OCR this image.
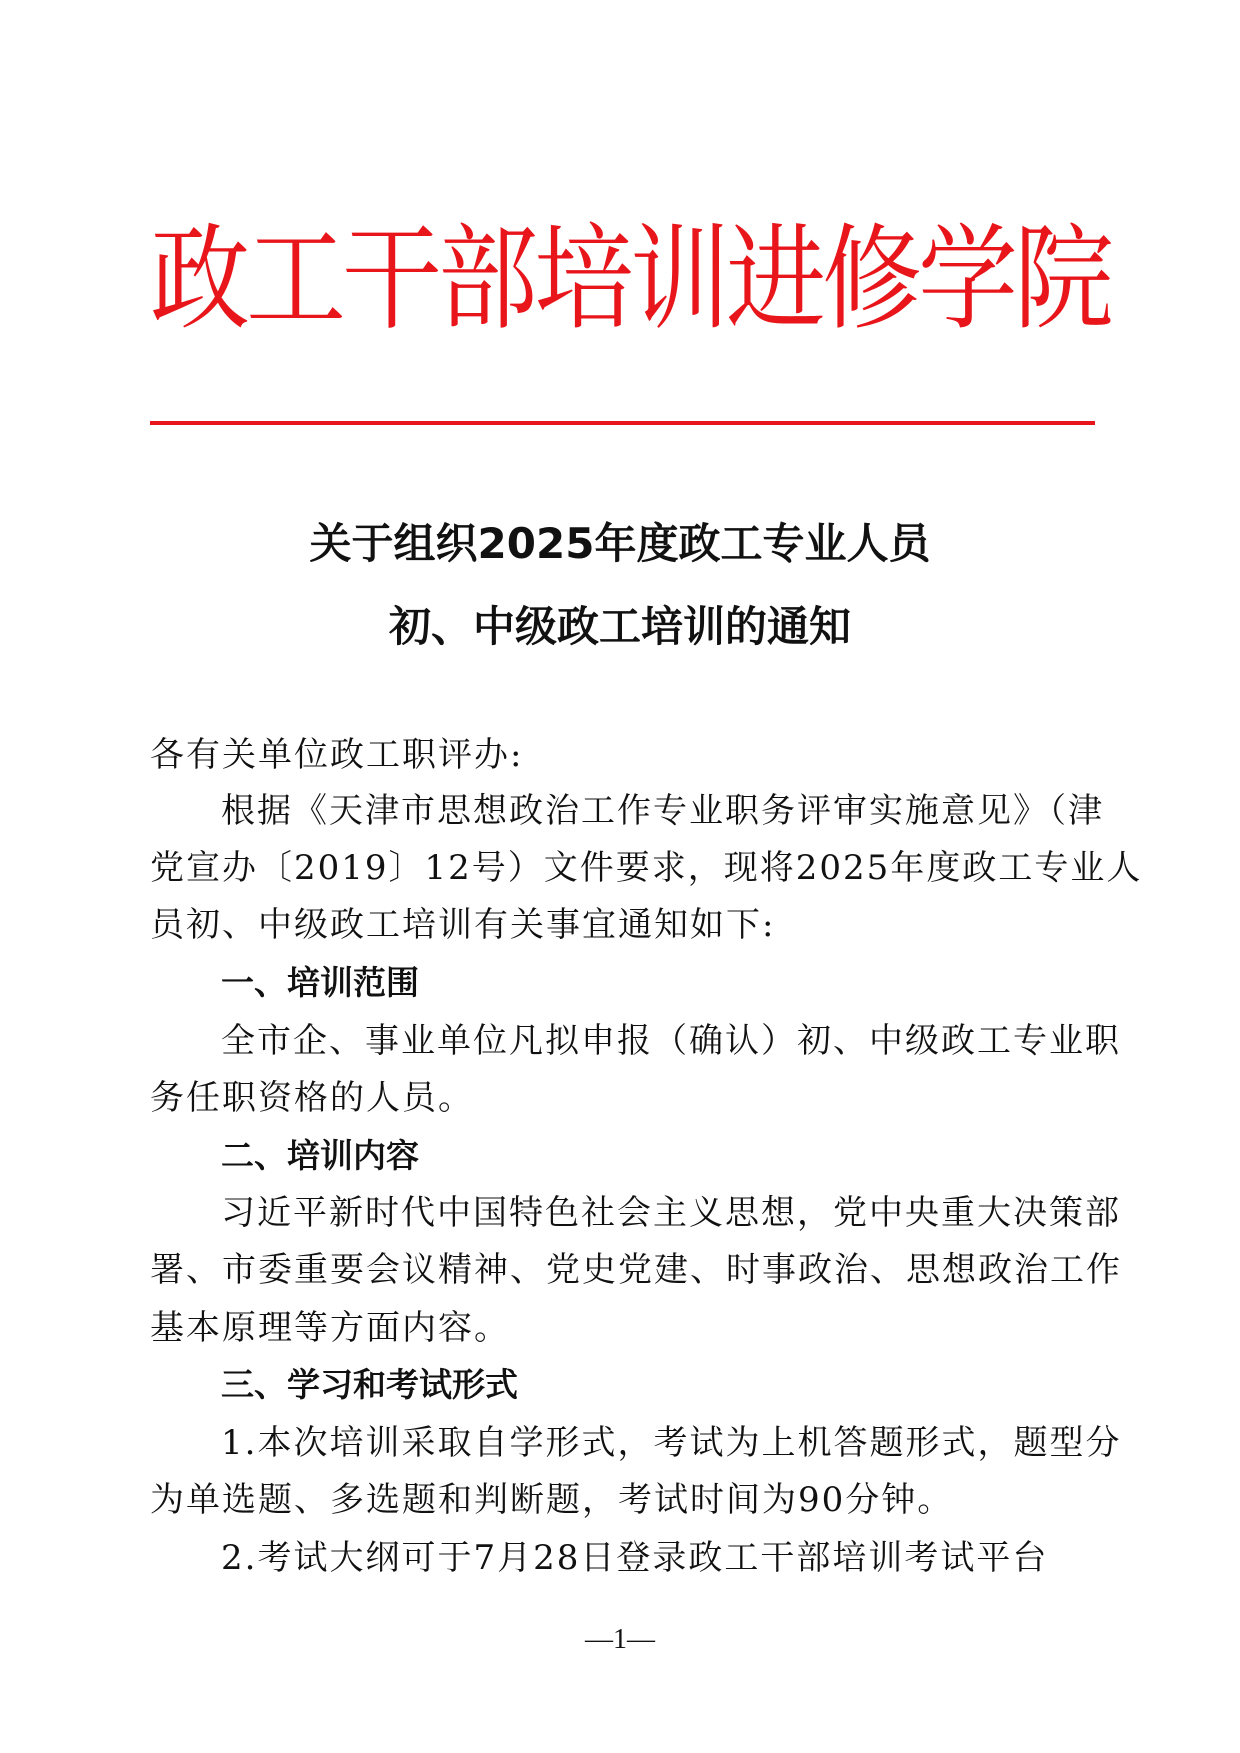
政工干部培训进修学院
关于组织2025年度政工专业人员
初、中级政工培训的通知
各有关单位政工职评办:
根据《天津市思想政治工作专业职务评审实施意见》（津
党宣办〔2019〕12号）文件要求，现将2025年度政工专业人
员初、中级政工培训有关事宜通知如下:
一、培训范围
全市企、事业单位凡拟申报（确认）初、中级政工专业职
务任职资格的人员。
二、培训内容
习近平新时代中国特色社会主义思想，党中央重大决策部
署、市委重要会议精神、党史党建、时事政治、思想政治工作
基本原理等方面内容。
三、学习和考试形式
1.本次培训采取自学形式，考试为上机答题形式，题型分
为单选题、多选题和判断题，考试时间为90分钟。
2.考试大纲可于7月28日登录政工干部培训考试平台
—1—
